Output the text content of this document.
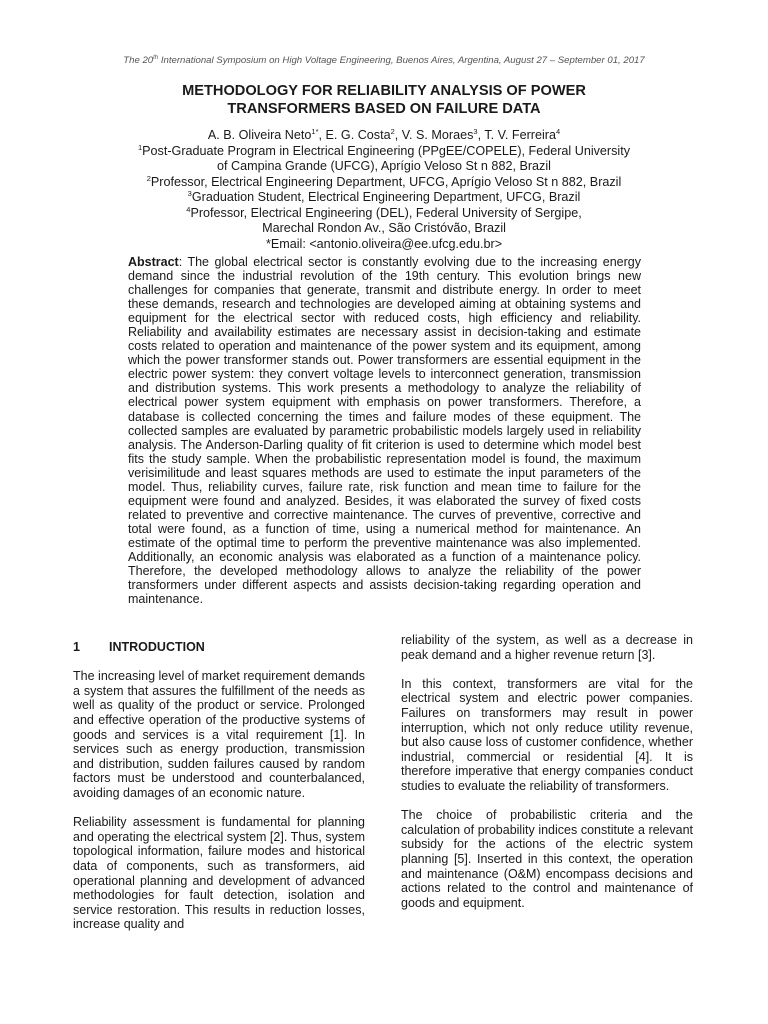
The 20th International Symposium on High Voltage Engineering, Buenos Aires, Argentina, August 27 – September 01, 2017
METHODOLOGY FOR RELIABILITY ANALYSIS OF POWER
TRANSFORMERS BASED ON FAILURE DATA
A. B. Oliveira Neto$^{1*}$, E. G. Costa$^2$, V. S. Moraes$^3$, T. V. Ferreira$^4$
$^1$Post-Graduate Program in Electrical Engineering (PPgEE/COPELE), Federal University
of Campina Grande (UFCG), Aprígio Veloso St n 882, Brazil
$^2$Professor, Electrical Engineering Department, UFCG, Aprígio Veloso St n 882, Brazil
$^3$Graduation Student, Electrical Engineering Department, UFCG, Brazil
$^4$Professor, Electrical Engineering (DEL), Federal University of Sergipe,
Marechal Rondon Av., São Cristóvão, Brazil
*Email: <antonio.oliveira@ee.ufcg.edu.br>
Abstract: The global electrical sector is constantly evolving due to the increasing energy demand since the industrial revolution of the 19th century. This evolution brings new challenges for companies that generate, transmit and distribute energy. In order to meet these demands, research and technologies are developed aiming at obtaining systems and equipment for the electrical sector with reduced costs, high efficiency and reliability. Reliability and availability estimates are necessary assist in decision-taking and estimate costs related to operation and maintenance of the power system and its equipment, among which the power transformer stands out. Power transformers are essential equipment in the electric power system: they convert voltage levels to interconnect generation, transmission and distribution systems. This work presents a methodology to analyze the reliability of electrical power system equipment with emphasis on power transformers. Therefore, a database is collected concerning the times and failure modes of these equipment. The collected samples are evaluated by parametric probabilistic models largely used in reliability analysis. The Anderson-Darling quality of fit criterion is used to determine which model best fits the study sample. When the probabilistic representation model is found, the maximum verisimilitude and least squares methods are used to estimate the input parameters of the model. Thus, reliability curves, failure rate, risk function and mean time to failure for the equipment were found and analyzed. Besides, it was elaborated the survey of fixed costs related to preventive and corrective maintenance. The curves of preventive, corrective and total were found, as a function of time, using a numerical method for maintenance. An estimate of the optimal time to perform the preventive maintenance was also implemented. Additionally, an economic analysis was elaborated as a function of a maintenance policy. Therefore, the developed methodology allows to analyze the reliability of the power transformers under different aspects and assists decision-taking regarding operation and maintenance.
1	INTRODUCTION

The increasing level of market requirement demands a system that assures the fulfillment of the needs as well as quality of the product or service. Prolonged and effective operation of the productive systems of goods and services is a vital requirement [1]. In services such as energy production, transmission and distribution, sudden failures caused by random factors must be understood and counterbalanced, avoiding damages of an economic nature.

Reliability assessment is fundamental for planning and operating the electrical system [2]. Thus, system topological information, failure modes and historical data of components, such as transformers, aid operational planning and development of advanced methodologies for fault detection, isolation and service restoration. This results in reduction losses, increase quality and

reliability of the system, as well as a decrease in peak demand and a higher revenue return [3].

In this context, transformers are vital for the electrical system and electric power companies. Failures on transformers may result in power interruption, which not only reduce utility revenue, but also cause loss of customer confidence, whether industrial, commercial or residential [4]. It is therefore imperative that energy companies conduct studies to evaluate the reliability of transformers.

The choice of probabilistic criteria and the calculation of probability indices constitute a relevant subsidy for the actions of the electric system planning [5]. Inserted in this context, the operation and maintenance (O&M) encompass decisions and actions related to the control and maintenance of goods and equipment.
